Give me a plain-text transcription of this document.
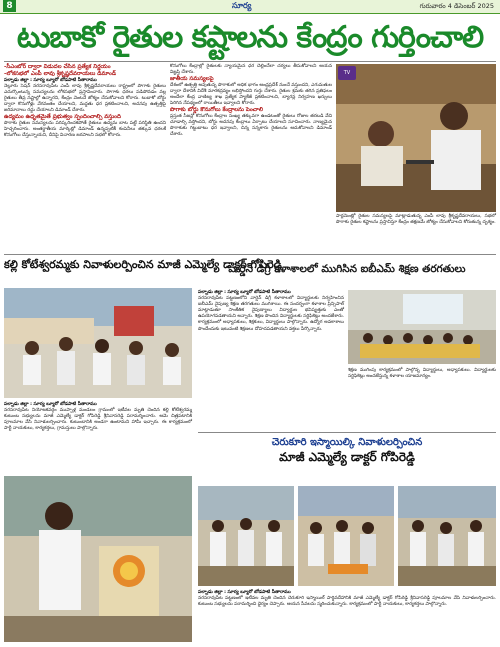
8	సూర్య	గురువారం 4 డిసెంబర్ 2025
టుబాకో రైతుల కష్టాలను కేంద్రం గుర్తించాలి
-సీఎంబోర్ ద్వారా విడుదల చేసిన ప్రత్యేక నిర్ణయం
-లోకసభలో ఎంపీ లావు శ్రీకృష్ణదేవరాయలు డిమాండ్
పల్నాడు జిల్లా : సూర్య బ్యూరో బోడపాటి సీతారాము
నెల్లూరు సెషన్ నరసరావుపేట ఎంపీ లావు శ్రీకృష్ణదేవరాయలు రాష్ట్రంలో పొగాకు రైతులు ఎదుర్కొంటున్న సమస్యలను లోకసభలో ప్రస్తావించారు. పొగాకు ధరలు పడిపోవడం వల్ల రైతులు తీవ్ర నష్టాల్లో ఉన్నారని, కేంద్రం వెంటనే జోక్యం చేసుకోవాలని కోరారు. టుబాకో బోర్డు ద్వారా కొనుగోళ్లు వేగవంతం చేయాలని, మద్దతు ధర ప్రకటించాలని, అదనపు ఉత్పత్తిపై జరిమానాలు రద్దు చేయాలని డిమాండ్ చేశారు.
ఉద్యమం ఉధృతమైతే ప్రభుత్వం స్పందించాల్సి వస్తుంది
పొగాకు రైతుల సమస్యలను పరిష్కరించకపోతే రైతులు ఉద్యమ బాట పట్టే పరిస్థితి ఉందని హెచ్చరించారు. అంతర్జాతీయ మార్కెట్లో డిమాండ్ ఉన్నప్పటికీ కంపెనీలు తక్కువ ధరలకే కొనుగోలు చేస్తున్నాయని, దీనిపై విచారణ జరపాలని సభలో కోరారు.
కొనుగోలు కేంద్రాల్లో రైతులకు న్యాయమైన ధర చెల్లించేలా చర్యలు తీసుకోవాలని ఆయన విజ్ఞప్తి చేశారు.
జాతీయ సమస్యలపై
దేశంలో ఉత్పత్తి అవుతున్న పొగాకులో అధిక భాగం ఆంధ్రప్రదేశ్ నుంచే వస్తుందని, ఎగుమతుల ద్వారా దేశానికి విదేశీ మారకద్రవ్యం లభిస్తోందని గుర్తు చేశారు. రైతుల శ్రమకు తగిన ప్రతిఫలం అందేలా కేంద్ర వాణిజ్య శాఖ ప్రత్యేక ప్యాకేజీ ప్రకటించాలని, బ్యారన్ల నిర్వహణ ఖర్చులు పెరిగిన నేపథ్యంలో రాయితీలు ఇవ్వాలని కోరారు.
పొగాకు బోర్డు కొనుగోలు కేంద్రాలను పెంచాలి
ప్రస్తుత సీజన్లో కొనుగోలు కేంద్రాల సంఖ్య తక్కువగా ఉండటంతో రైతులు రోజుల తరబడి వేచి చూడాల్సి వస్తోందని, బోర్డు అదనపు కేంద్రాలు ఏర్పాటు చేయాలని సూచించారు. నాణ్యమైన పొగాకుకు గిట్టుబాటు ధర ఇవ్వాలని, చిన్న సన్నకారు రైతులను ఆదుకోవాలని డిమాండ్ చేశారు.
TV
పార్లమెంట్లో రైతుల సమస్యలపై మాట్లాడుతున్న ఎంపీ లావు శ్రీకృష్ణదేవరాయలు, సభలో పొగాకు రైతుల కష్టాలను ప్రస్తావిస్తూ కేంద్రం తక్షణమే జోక్యం చేసుకోవాలని కోరుతున్న దృశ్యం.
కల్లి కోటేశ్వరమ్మకు నివాళులర్పించిన మాజీ ఎమ్మెల్యే డాక్టర్ గోపిరెడ్డి
పల్నాడు జిల్లా : సూర్య బ్యూరో బోడపాటి సీతారాము
నరసరావుపేట నియోజకవర్గం ముప్పాళ్ల మండలం గ్రామంలో ఇటీవల మృతి చెందిన కల్లి కోటేశ్వరమ్మ కుటుంబ సభ్యులను మాజీ ఎమ్మెల్యే డాక్టర్ గోపిరెడ్డి శ్రీనివాసరెడ్డి పరామర్శించారు. ఆమె చిత్రపటానికి పూలమాల వేసి నివాళులర్పించారు. కుటుంబానికి అండగా ఉంటామని హామీ ఇచ్చారు. ఈ కార్యక్రమంలో పార్టీ నాయకులు, కార్యకర్తలు, గ్రామస్తులు పాల్గొన్నారు.
వార్డెన్ డిగ్రీ కళాశాలలో ముగిసిన ఐబీఎమ్ శిక్షణ తరగతులు
పల్నాడు జిల్లా : సూర్య బ్యూరో బోడపాటి సీతారాము
నరసరావుపేట పట్టణంలోని వార్డెన్ డిగ్రీ కళాశాలలో విద్యార్థులకు నిర్వహించిన ఐబీఎమ్ నైపుణ్య శిక్షణ తరగతులు ముగిశాయి. ఈ సందర్భంగా కళాశాల ప్రిన్సిపాల్ మాట్లాడుతూ సాంకేతిక నైపుణ్యాలు విద్యార్థుల భవిష్యత్తుకు ఎంతో ఉపయోగపడతాయని అన్నారు. శిక్షణ పొందిన విద్యార్థులకు సర్టిఫికెట్లు అందజేశారు. కార్యక్రమంలో అధ్యాపకులు, శిక్షకులు, విద్యార్థులు పాల్గొన్నారు. ఉద్యోగ అవకాశాలు పొందేందుకు ఇటువంటి శిక్షణలు దోహదపడతాయని వక్తలు పేర్కొన్నారు.
శిక్షణ ముగింపు కార్యక్రమంలో పాల్గొన్న విద్యార్థులు, అధ్యాపకులు. విద్యార్థులకు సర్టిఫికెట్లు అందజేస్తున్న కళాశాల యాజమాన్యం.
చెరుకూరి ఇస్మాయిల్కి నివాళులర్పించిన
మాజీ ఎమ్మెల్యే డాక్టర్ గోపిరెడ్డి
పల్నాడు జిల్లా : సూర్య బ్యూరో బోడపాటి సీతారాము
నరసరావుపేట పట్టణంలో ఇటీవల మృతి చెందిన చెరుకూరి ఇస్మాయిల్ పార్థివదేహానికి మాజీ ఎమ్మెల్యే డాక్టర్ గోపిరెడ్డి శ్రీనివాసరెడ్డి పూలమాల వేసి నివాళులర్పించారు. కుటుంబ సభ్యులను పరామర్శించి ధైర్యం చెప్పారు. ఆయన సేవలను స్మరించుకున్నారు. కార్యక్రమంలో పార్టీ నాయకులు, కార్యకర్తలు పాల్గొన్నారు.
